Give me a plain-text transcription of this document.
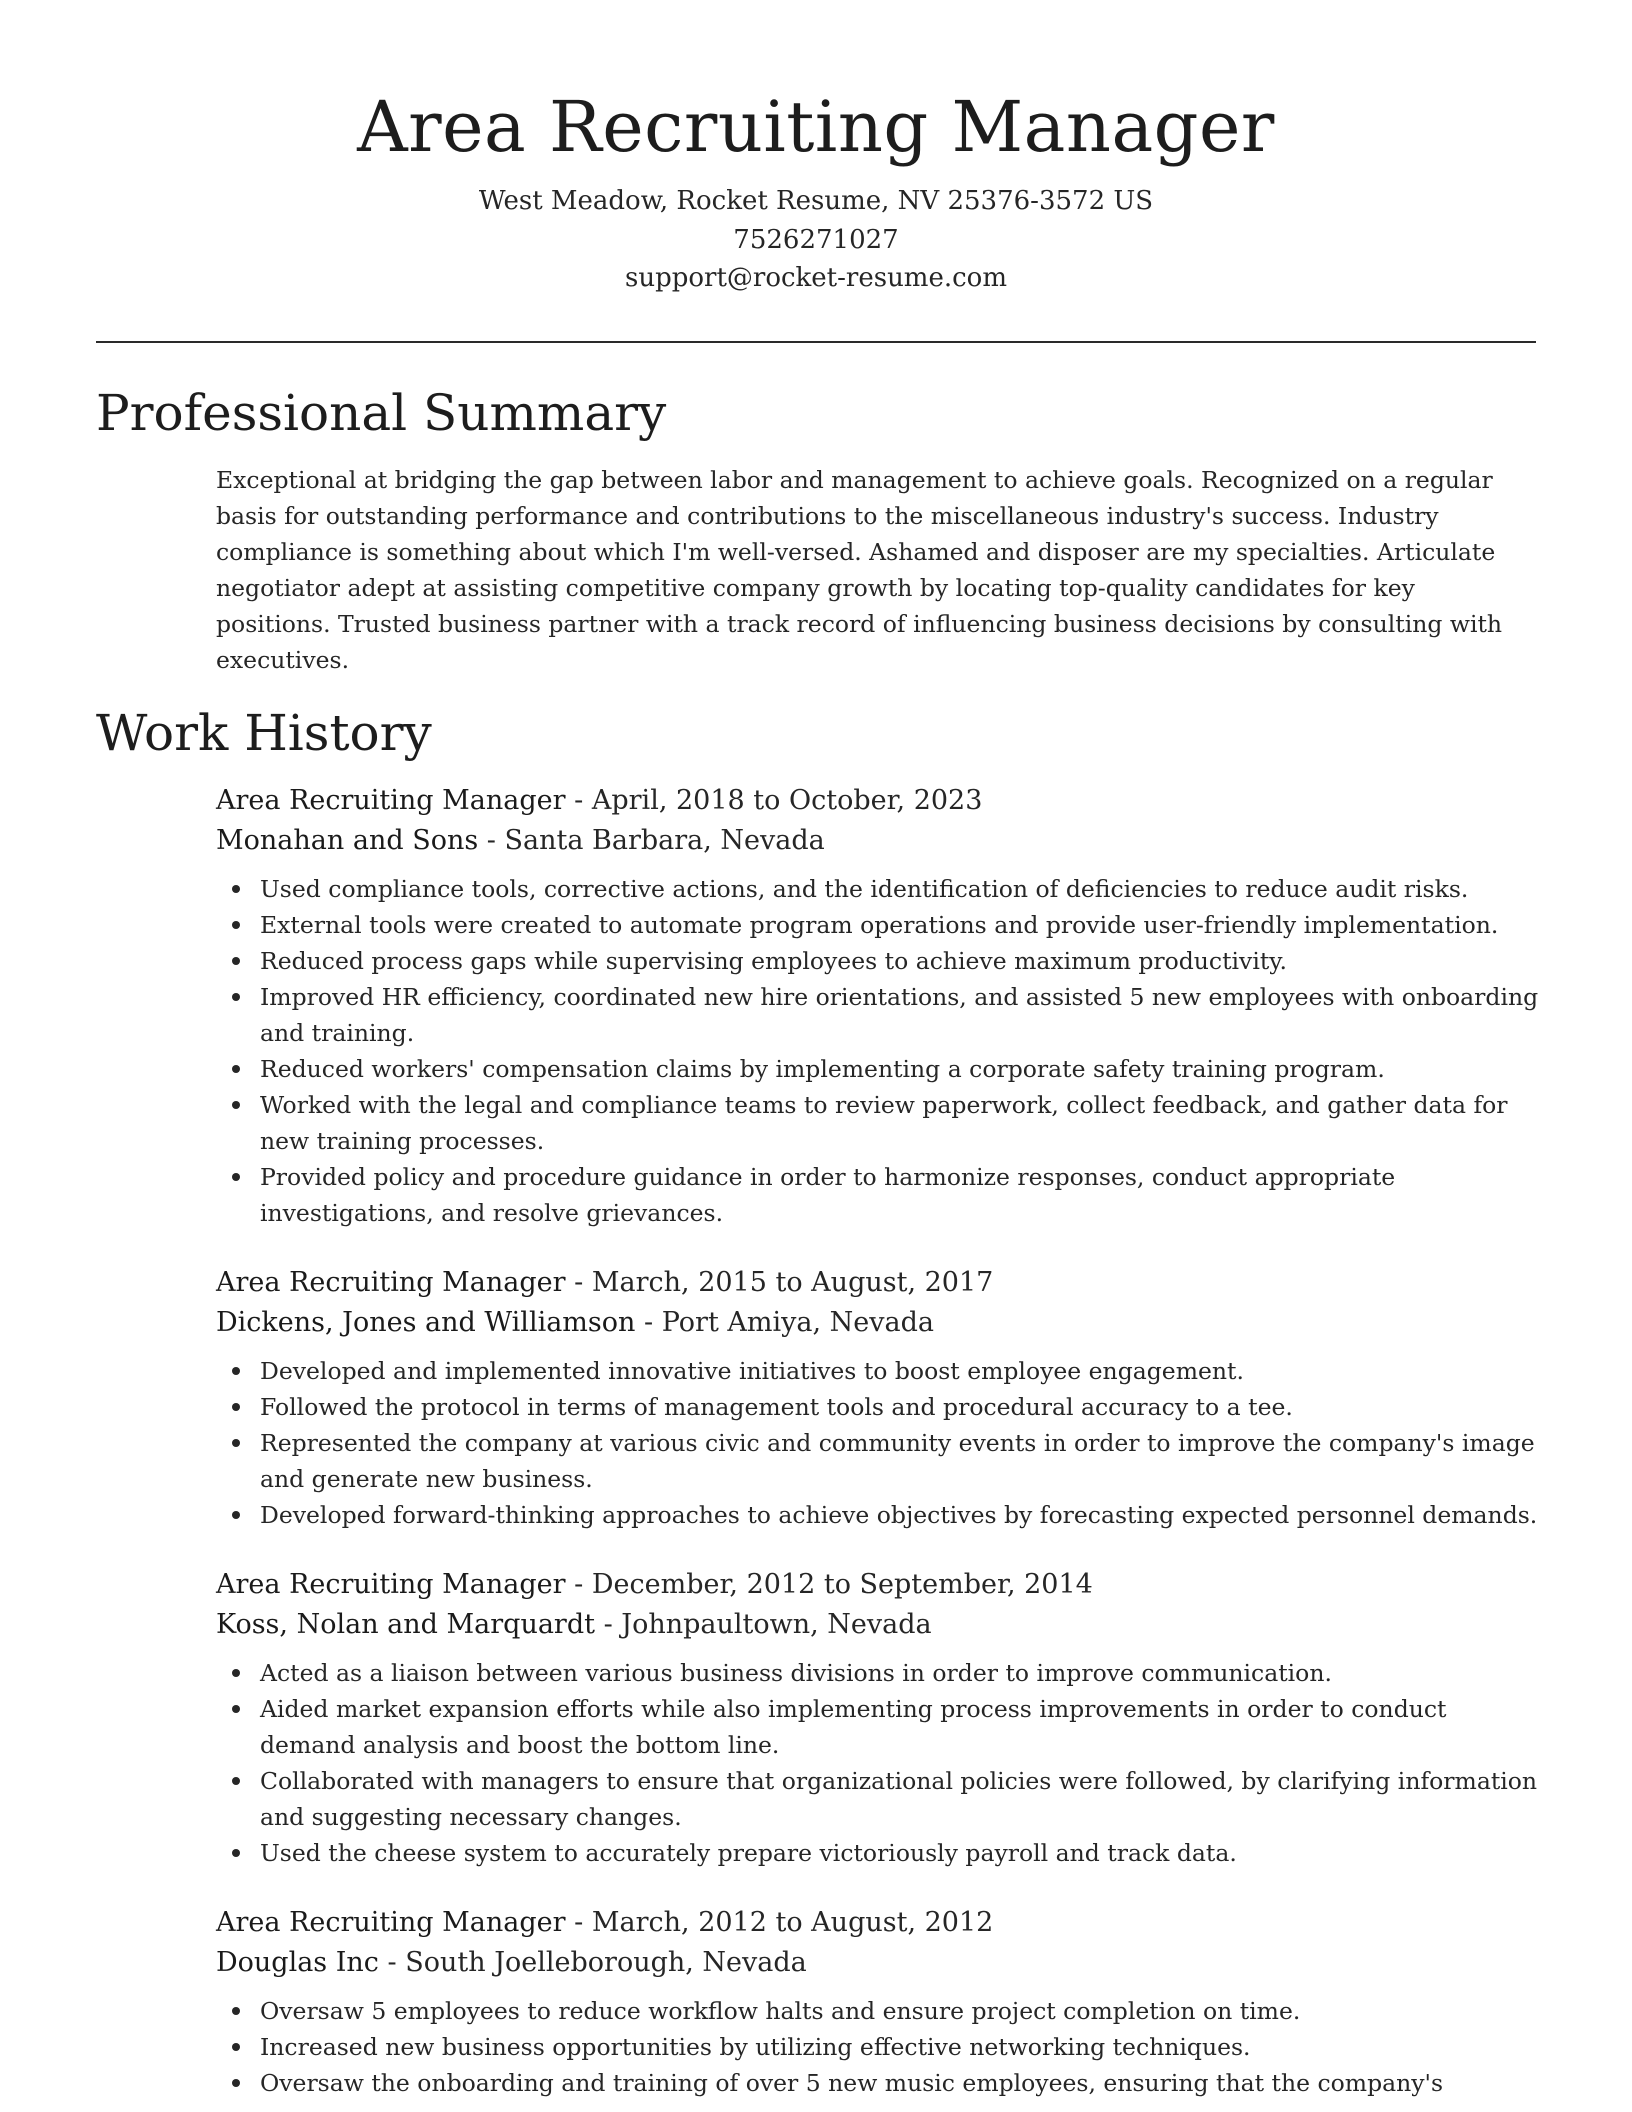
Area Recruiting Manager
West Meadow, Rocket Resume, NV 25376-3572 US
7526271027
support@rocket-resume.com
Professional Summary
Exceptional at bridging the gap between labor and management to achieve goals. Recognized on a regular basis for outstanding performance and contributions to the miscellaneous industry's success. Industry compliance is something about which I'm well-versed. Ashamed and disposer are my specialties. Articulate negotiator adept at assisting competitive company growth by locating top-quality candidates for key positions. Trusted business partner with a track record of influencing business decisions by consulting with executives.
Work History
Area Recruiting Manager - April, 2018 to October, 2023
Monahan and Sons - Santa Barbara, Nevada
Used compliance tools, corrective actions, and the identification of deficiencies to reduce audit risks.
External tools were created to automate program operations and provide user-friendly implementation.
Reduced process gaps while supervising employees to achieve maximum productivity.
Improved HR efficiency, coordinated new hire orientations, and assisted 5 new employees with onboarding and training.
Reduced workers' compensation claims by implementing a corporate safety training program.
Worked with the legal and compliance teams to review paperwork, collect feedback, and gather data for new training processes.
Provided policy and procedure guidance in order to harmonize responses, conduct appropriate investigations, and resolve grievances.
Area Recruiting Manager - March, 2015 to August, 2017
Dickens, Jones and Williamson - Port Amiya, Nevada
Developed and implemented innovative initiatives to boost employee engagement.
Followed the protocol in terms of management tools and procedural accuracy to a tee.
Represented the company at various civic and community events in order to improve the company's image and generate new business.
Developed forward-thinking approaches to achieve objectives by forecasting expected personnel demands.
Area Recruiting Manager - December, 2012 to September, 2014
Koss, Nolan and Marquardt - Johnpaultown, Nevada
Acted as a liaison between various business divisions in order to improve communication.
Aided market expansion efforts while also implementing process improvements in order to conduct demand analysis and boost the bottom line.
Collaborated with managers to ensure that organizational policies were followed, by clarifying information and suggesting necessary changes.
Used the cheese system to accurately prepare victoriously payroll and track data.
Area Recruiting Manager - March, 2012 to August, 2012
Douglas Inc - South Joelleborough, Nevada
Oversaw 5 employees to reduce workflow halts and ensure project completion on time.
Increased new business opportunities by utilizing effective networking techniques.
Oversaw the onboarding and training of over 5 new music employees, ensuring that the company's
